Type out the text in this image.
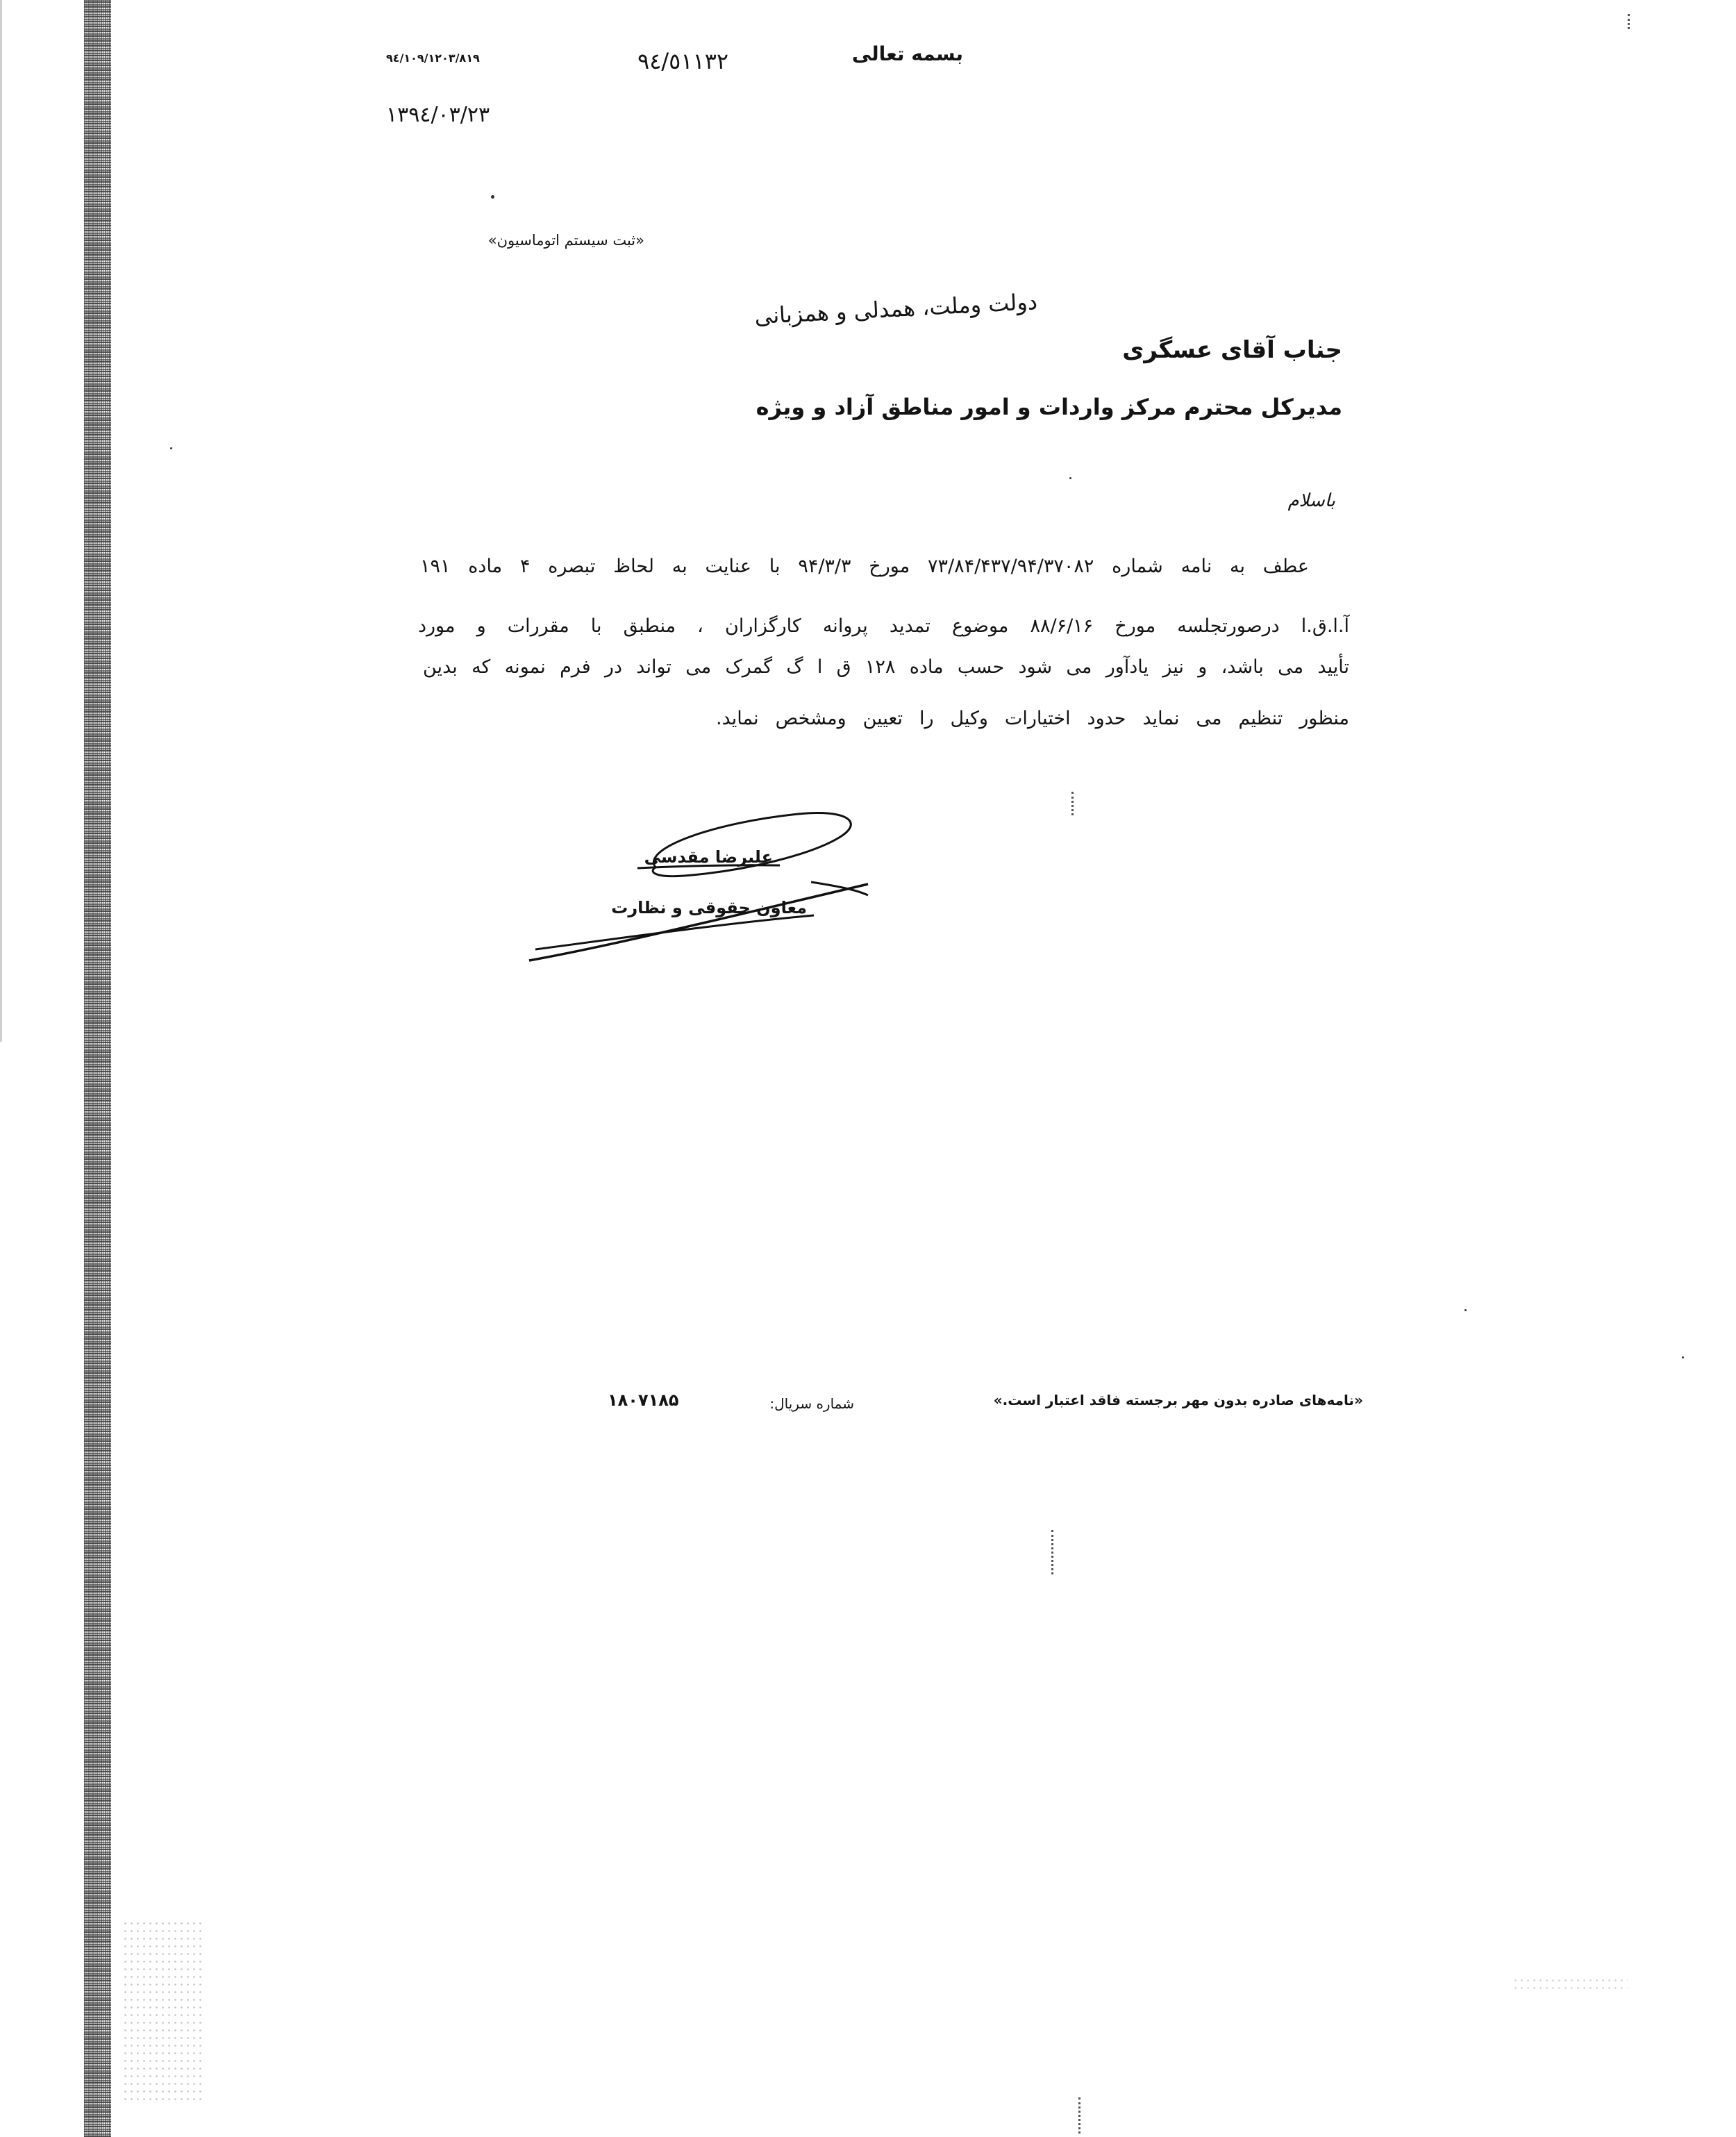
بسمه تعالی
۹٤/٥١١٣٢
۹٤/١٠٩/١٢٠٣/٨١٩
١٣٩٤/٠٣/٢٣
«ثبت سیستم اتوماسیون»
دولت وملت، همدلی و همزبانی
جناب آقای عسگری
مدیرکل محترم مرکز واردات و امور مناطق آزاد و ویژه
باسلام
عطف به نامه شماره ۷۳/۸۴/۴۳۷/۹۴/۳۷۰۸۲ مورخ ۹۴/۳/۳ با عنایت به لحاظ تبصره ۴ ماده ۱۹۱
آ.ا.ق.ا درصورتجلسه مورخ ۸۸/۶/۱۶ موضوع تمدید پروانه کارگزاران ، منطبق با مقررات و مورد
تأیید می باشد، و نیز یادآور می شود حسب ماده ۱۲۸ ق ا گ گمرک می تواند در فرم نمونه که بدین
منظور تنظیم می نماید حدود اختیارات وکیل را تعیین ومشخص نماید.
علیرضا مقدسی
معاون حقوقی و نظارت
«نامه‌های صادره بدون مهر برجسته فاقد اعتبار است.»
شماره سریال:
۱۸۰۷۱۸۵
